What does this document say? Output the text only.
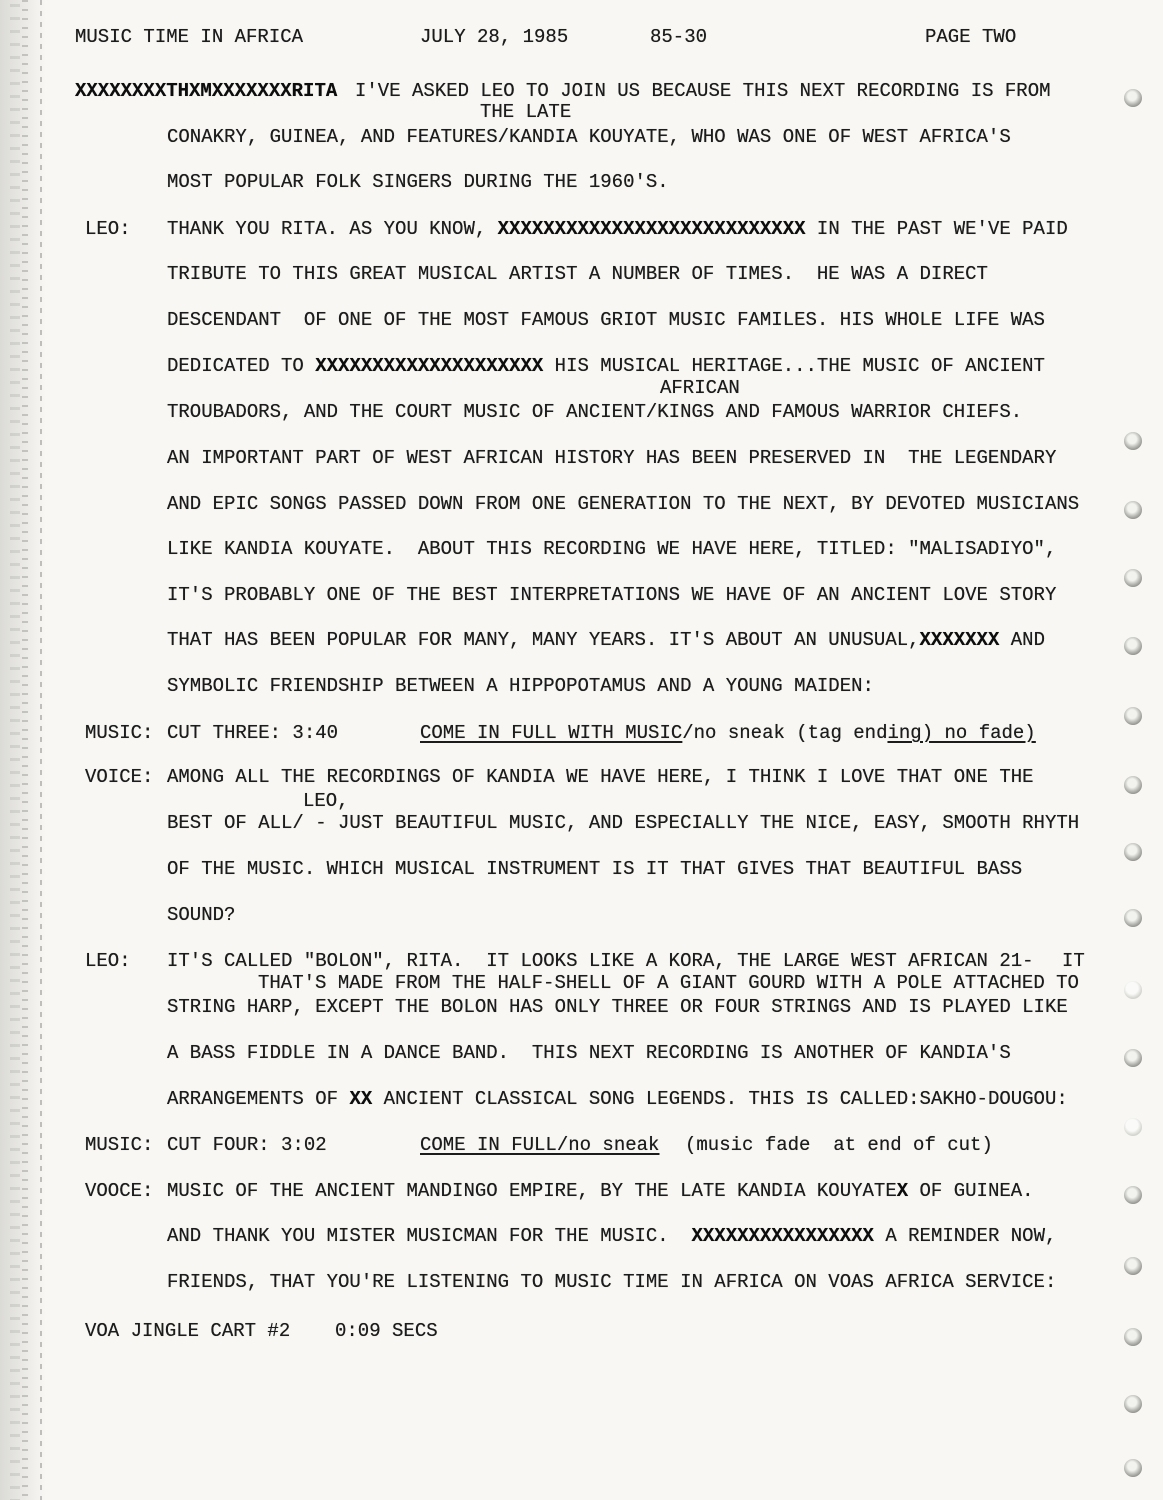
MUSIC TIME IN AFRICA	JULY 28, 1985	85-30	PAGE TWO
XXXXXXXXTHXMXXXXXXXRITA I'VE ASKED LEO TO JOIN US BECAUSE THIS NEXT RECORDING IS FROM
THE LATE
CONAKRY, GUINEA, AND FEATURES/KANDIA KOUYATE, WHO WAS ONE OF WEST AFRICA'S
MOST POPULAR FOLK SINGERS DURING THE 1960'S.
LEO: THANK YOU RITA. AS YOU KNOW, XXXXXXXXXXXXXXXXXXXXXXXXXXX IN THE PAST WE'VE PAID
TRIBUTE TO THIS GREAT MUSICAL ARTIST A NUMBER OF TIMES.  HE WAS A DIRECT
DESCENDANT  OF ONE OF THE MOST FAMOUS GRIOT MUSIC FAMILES. HIS WHOLE LIFE WAS
DEDICATED TO XXXXXXXXXXXXXXXXXXXX HIS MUSICAL HERITAGE...THE MUSIC OF ANCIENT
AFRICAN
TROUBADORS, AND THE COURT MUSIC OF ANCIENT/KINGS AND FAMOUS WARRIOR CHIEFS.
AN IMPORTANT PART OF WEST AFRICAN HISTORY HAS BEEN PRESERVED IN  THE LEGENDARY
AND EPIC SONGS PASSED DOWN FROM ONE GENERATION TO THE NEXT, BY DEVOTED MUSICIANS
LIKE KANDIA KOUYATE.  ABOUT THIS RECORDING WE HAVE HERE, TITLED: "MALISADIYO",
IT'S PROBABLY ONE OF THE BEST INTERPRETATIONS WE HAVE OF AN ANCIENT LOVE STORY
THAT HAS BEEN POPULAR FOR MANY, MANY YEARS. IT'S ABOUT AN UNUSUAL,XXXXXXX AND
SYMBOLIC FRIENDSHIP BETWEEN A HIPPOPOTAMUS AND A YOUNG MAIDEN:
MUSIC: CUT THREE: 3:40	COME IN FULL WITH MUSIC/no sneak (tag ending) no fade)
VOICE: AMONG ALL THE RECORDINGS OF KANDIA WE HAVE HERE, I THINK I LOVE THAT ONE THE
LEO,
BEST OF ALL/ - JUST BEAUTIFUL MUSIC, AND ESPECIALLY THE NICE, EASY, SMOOTH RHYTH
OF THE MUSIC. WHICH MUSICAL INSTRUMENT IS IT THAT GIVES THAT BEAUTIFUL BASS
SOUND?
LEO: IT'S CALLED "BOLON", RITA.  IT LOOKS LIKE A KORA, THE LARGE WEST AFRICAN 21- IT
THAT'S MADE FROM THE HALF-SHELL OF A GIANT GOURD WITH A POLE ATTACHED TO
STRING HARP, EXCEPT THE BOLON HAS ONLY THREE OR FOUR STRINGS AND IS PLAYED LIKE
A BASS FIDDLE IN A DANCE BAND.  THIS NEXT RECORDING IS ANOTHER OF KANDIA'S
ARRANGEMENTS OF XX ANCIENT CLASSICAL SONG LEGENDS. THIS IS CALLED:SAKHO-DOUGOU:
MUSIC: CUT FOUR: 3:02	COME IN FULL/no sneak (music fade  at end of cut)
VOOCE: MUSIC OF THE ANCIENT MANDINGO EMPIRE, BY THE LATE KANDIA KOUYATEX OF GUINEA.
AND THANK YOU MISTER MUSICMAN FOR THE MUSIC.  XXXXXXXXXXXXXXXX A REMINDER NOW,
FRIENDS, THAT YOU'RE LISTENING TO MUSIC TIME IN AFRICA ON VOAS AFRICA SERVICE:
VOA JINGLE CART #2 0:09 SECS
